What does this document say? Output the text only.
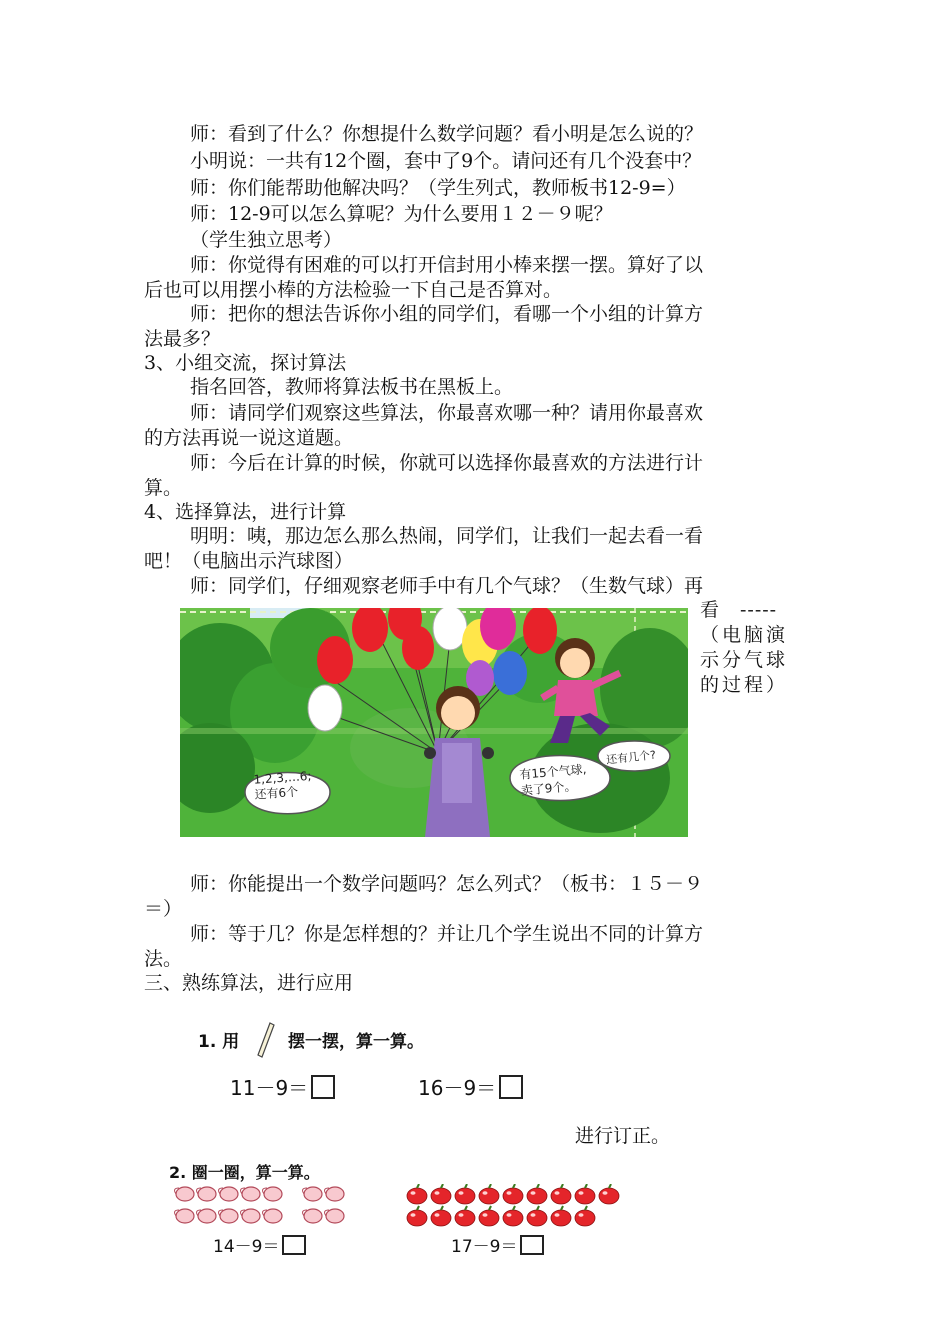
师：看到了什么？你想提什么数学问题？看小明是怎么说的？
小明说：一共有12个圈，套中了9个。请问还有几个没套中？
师：你们能帮助他解决吗？（学生列式，教师板书12-9=）
师：12-9可以怎么算呢？为什么要用１２－９呢？
（学生独立思考）
师：你觉得有困难的可以打开信封用小棒来摆一摆。算好了以
后也可以用摆小棒的方法检验一下自己是否算对。
师：把你的想法告诉你小组的同学们，看哪一个小组的计算方
法最多？
3、小组交流，探讨算法
指名回答，教师将算法板书在黑板上。
师：请同学们观察这些算法，你最喜欢哪一种？请用你最喜欢
的方法再说一说这道题。
师：今后在计算的时候，你就可以选择你最喜欢的方法进行计
算。
4、选择算法，进行计算
明明：咦，那边怎么那么热闹，同学们，让我们一起去看一看
吧！（电脑出示汽球图）
师：同学们，仔细观察老师手中有几个气球？（生数气球）再
看　-----
（电脑演示分气球的过程）
1,2,3,…6;
还有6个
有15个气球,
卖了9个。
还有几个?
师：你能提出一个数学问题吗？怎么列式？（板书：１５－９
＝）
师：等于几？你是怎样想的？并让几个学生说出不同的计算方
法。
三、熟练算法，进行应用
1. 用	摆一摆，算一算。
11－9＝	16－9＝
进行订正。
2. 圈一圈，算一算。
14－9＝	17－9＝
